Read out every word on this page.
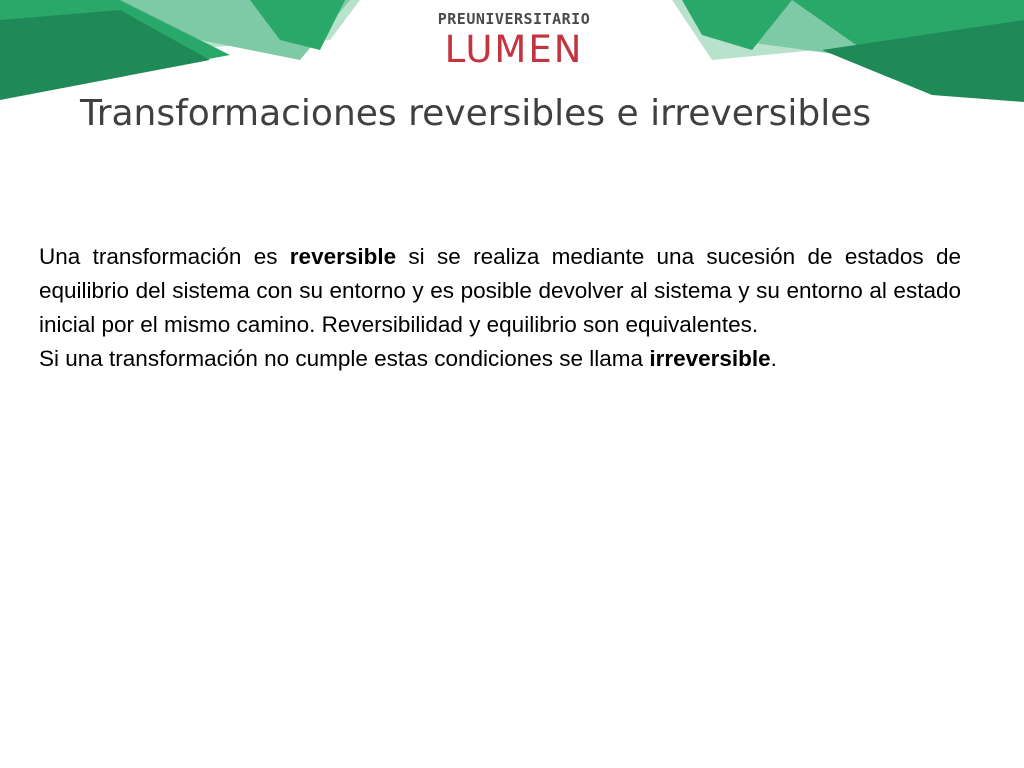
PREUNIVERSITARIO
LUMEN
Transformaciones reversibles e irreversibles

Una transformación es reversible si se realiza mediante una sucesión de estados de equilibrio del sistema con su entorno y es posible devolver al sistema y su entorno al estado inicial por el mismo camino. Reversibilidad y equilibrio son equivalentes.

Si una transformación no cumple estas condiciones se llama irreversible.
